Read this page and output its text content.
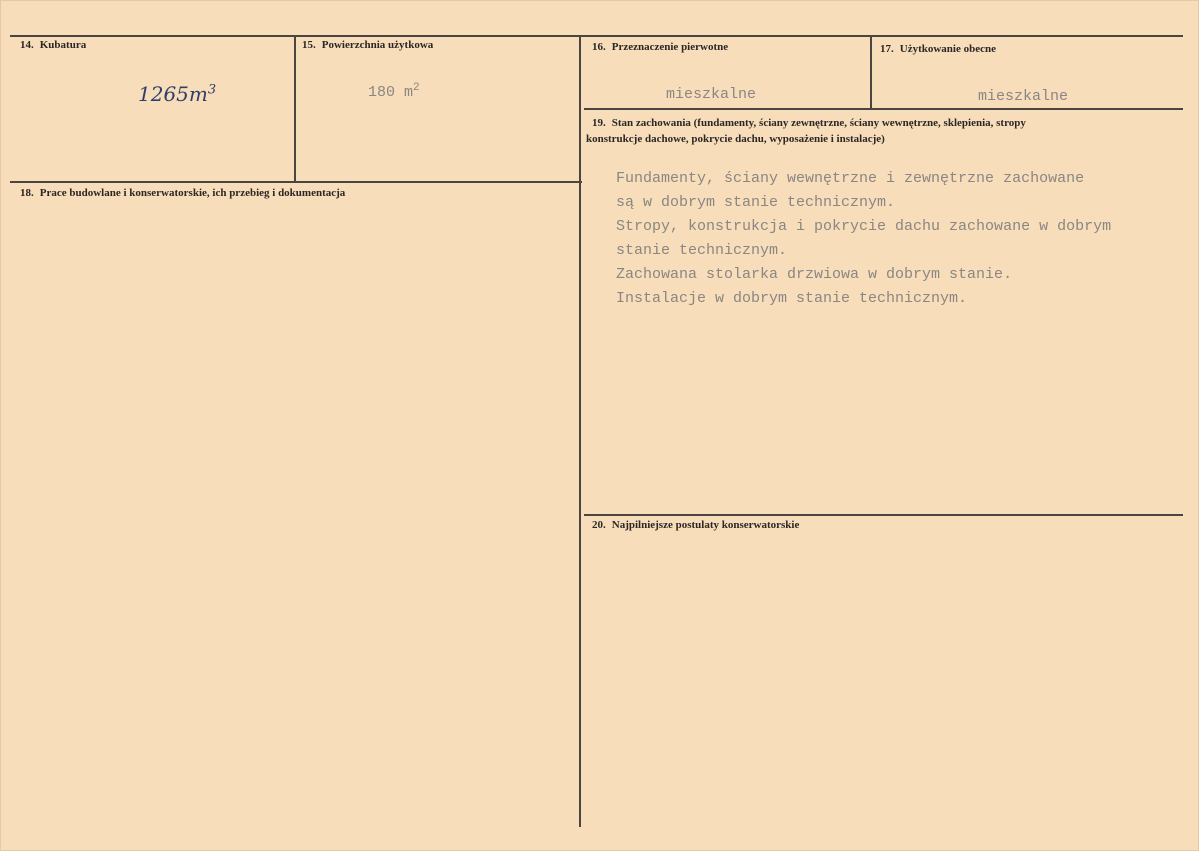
14. Kubatura
$1265m^3$
15. Powierzchnia użytkowa
180 $m^2$
16. Przeznaczenie pierwotne
mieszkalne
17. Użytkowanie obecne
mieszkalne
18. Prace budowlane i konserwatorskie, ich przebieg i dokumentacja
19. Stan zachowania (fundamenty, ściany zewnętrzne, ściany wewnętrzne, sklepienia, stropy
konstrukcje dachowe, pokrycie dachu, wyposażenie i instalacje)
Fundamenty, ściany wewnętrzne i zewnętrzne zachowane
są w dobrym stanie technicznym.
Stropy, konstrukcja i pokrycie dachu zachowane w dobrym
stanie technicznym.
Zachowana stolarka drzwiowa w dobrym stanie.
Instalacje w dobrym stanie technicznym.
20. Najpilniejsze postulaty konserwatorskie
